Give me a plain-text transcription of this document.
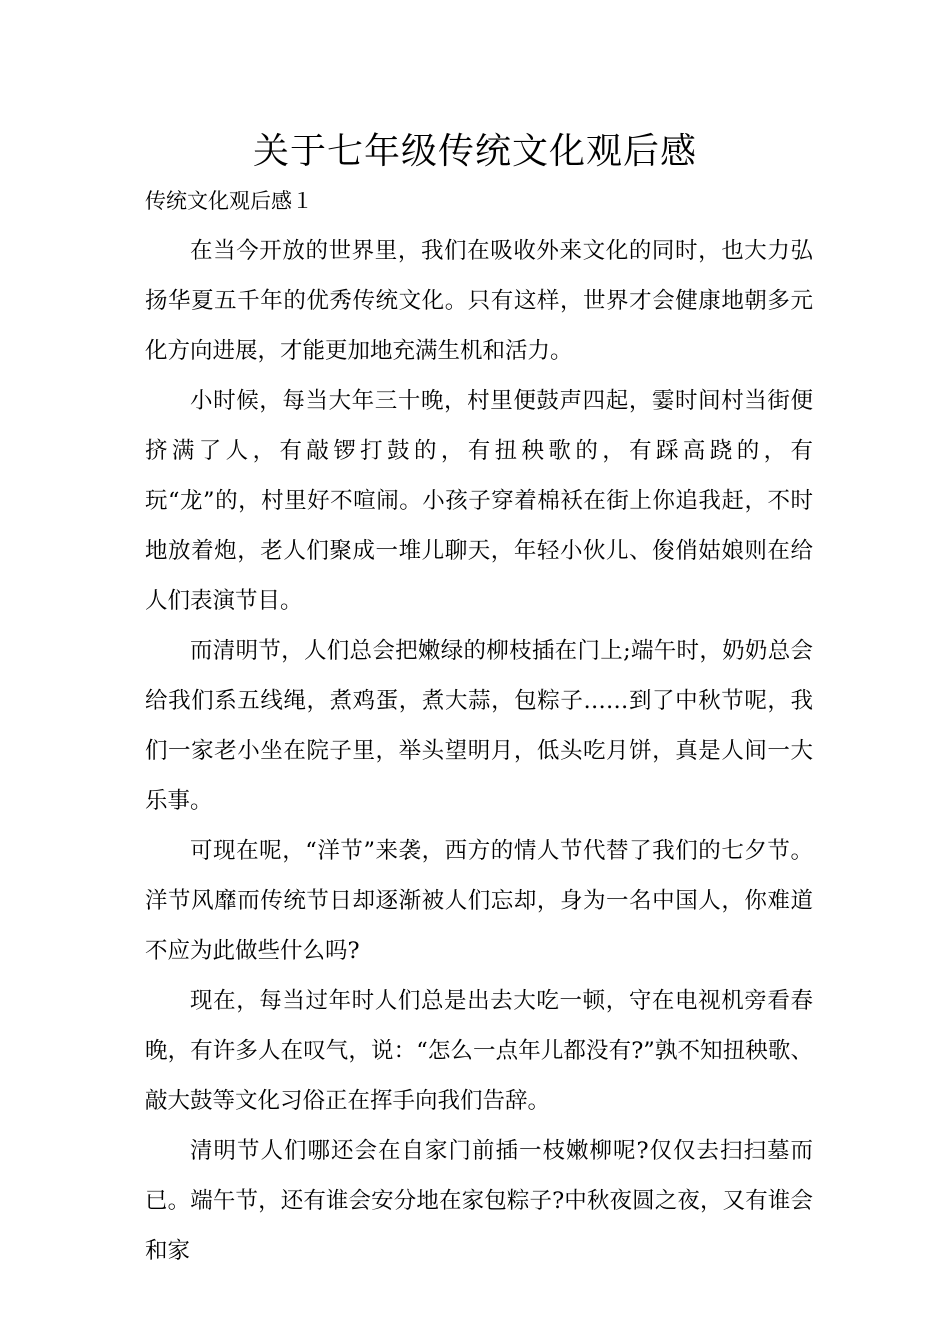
关于七年级传统文化观后感
传统文化观后感１

在当今开放的世界里，我们在吸收外来文化的同时，也大力弘扬华夏五千年的优秀传统文化。只有这样，世界才会健康地朝多元化方向进展，才能更加地充满生机和活力。

小时候，每当大年三十晚，村里便鼓声四起，霎时间村当街便挤满了人，有敲锣打鼓的，有扭秧歌的，有踩高跷的，有玩“龙”的，村里好不喧闹。小孩子穿着棉袄在街上你追我赶，不时地放着炮，老人们聚成一堆儿聊天，年轻小伙儿、俊俏姑娘则在给人们表演节目。

而清明节，人们总会把嫩绿的柳枝插在门上;端午时，奶奶总会给我们系五线绳，煮鸡蛋，煮大蒜，包粽子……到了中秋节呢，我们一家老小坐在院子里，举头望明月，低头吃月饼，真是人间一大乐事。

可现在呢，“洋节”来袭，西方的情人节代替了我们的七夕节。洋节风靡而传统节日却逐渐被人们忘却，身为一名中国人，你难道不应为此做些什么吗?

现在，每当过年时人们总是出去大吃一顿，守在电视机旁看春晚，有许多人在叹气，说：“怎么一点年儿都没有?”孰不知扭秧歌、敲大鼓等文化习俗正在挥手向我们告辞。

清明节人们哪还会在自家门前插一枝嫩柳呢?仅仅去扫扫墓而已。端午节，还有谁会安分地在家包粽子?中秋夜圆之夜，又有谁会和家
